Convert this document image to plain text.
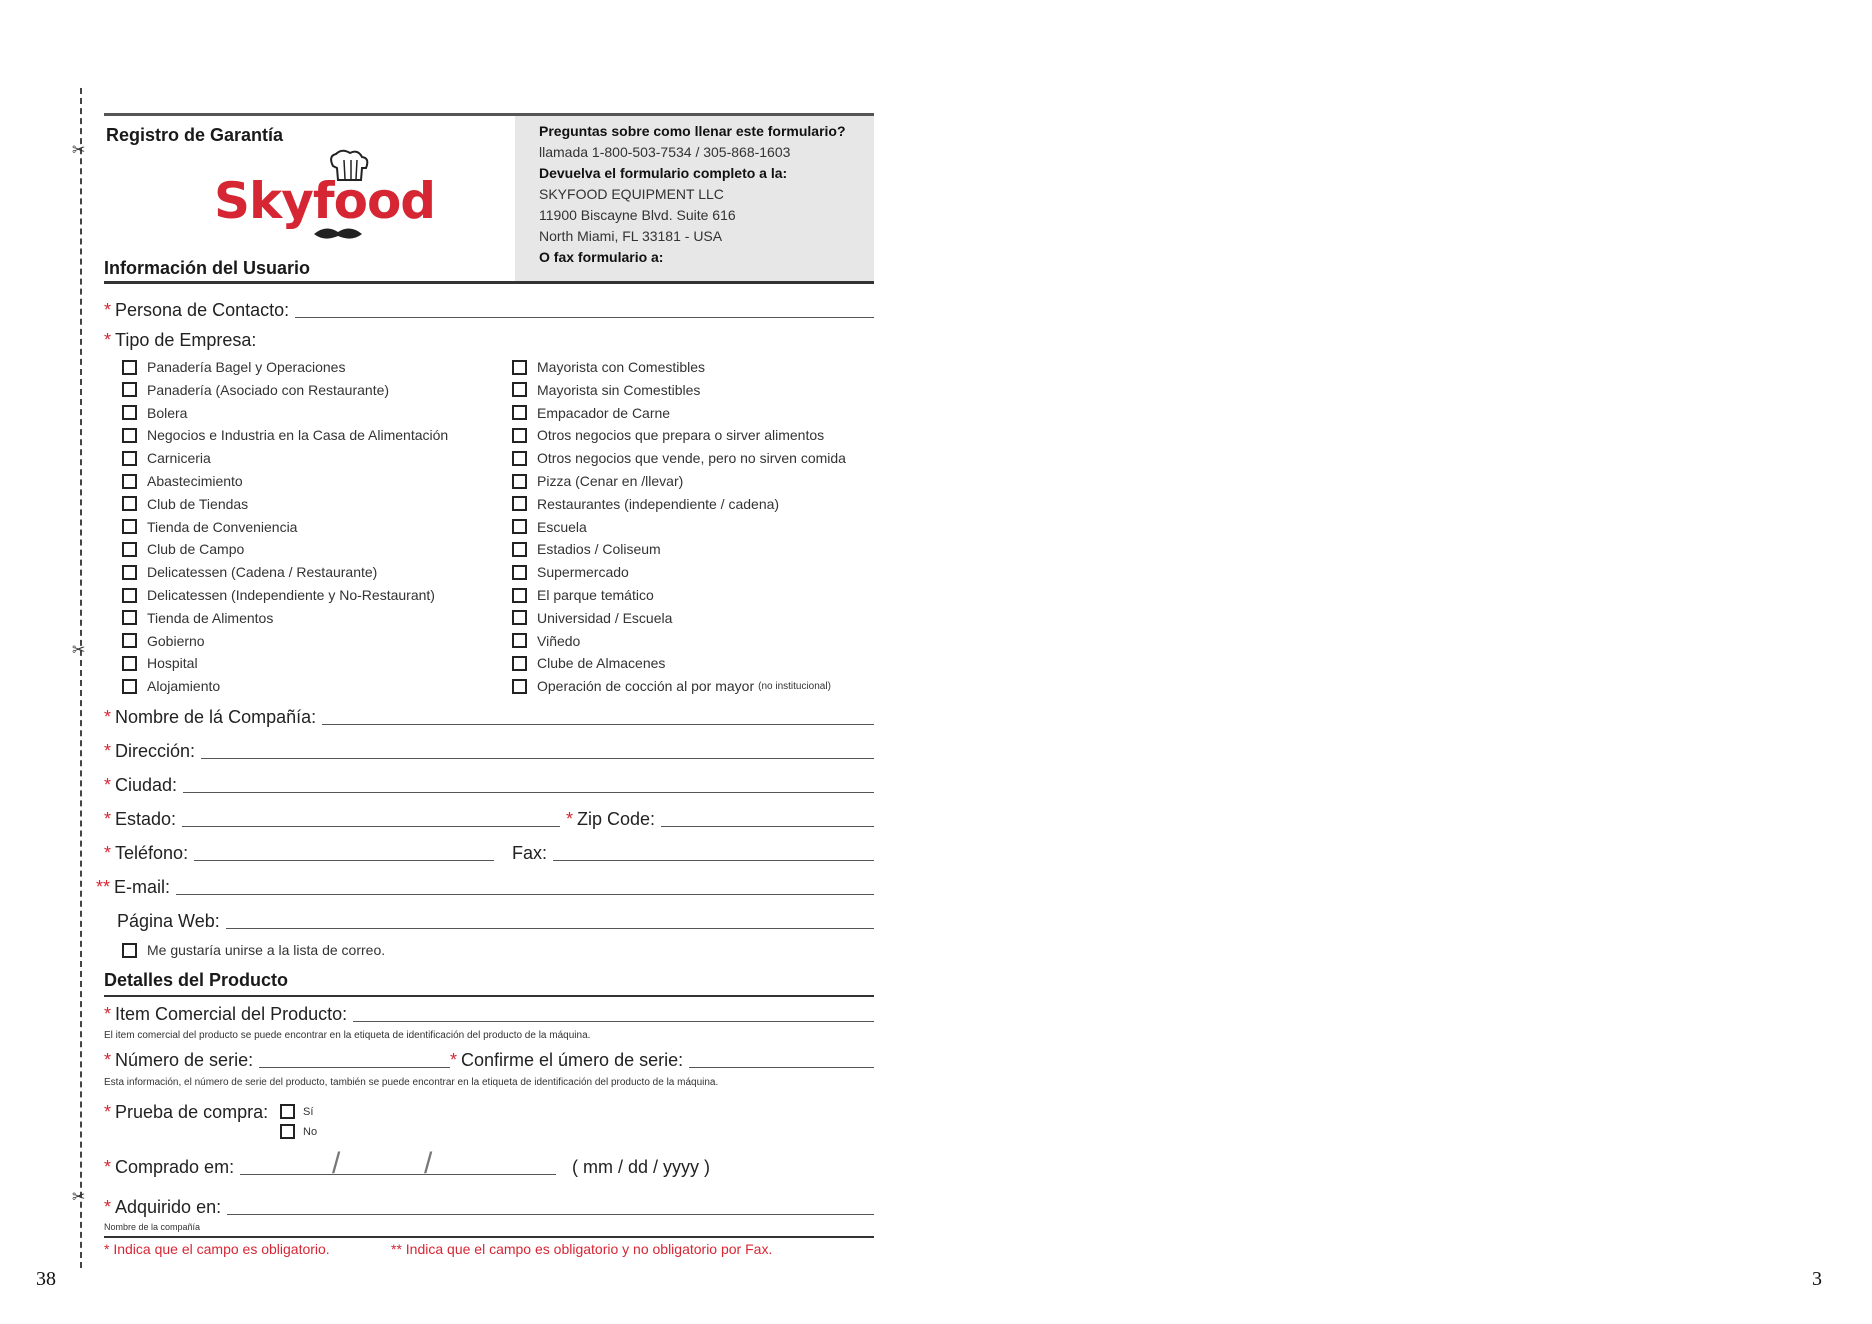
✂
✂
✂
38	3
Registro de Garantía
Skyfood
Información del Usuario
Preguntas sobre como llenar este formulario?
llamada 1-800-503-7534 / 305-868-1603
Devuelva el formulario completo a la:
SKYFOOD EQUIPMENT LLC
11900 Biscayne Blvd. Suite 616
North Miami, FL 33181 - USA
O fax formulario a:
* Persona de Contacto:
* Tipo de Empresa:
Panadería Bagel y Operaciones
Panadería (Asociado con Restaurante)
Bolera
Negocios e Industria en la Casa de Alimentación
Carniceria
Abastecimiento
Club de Tiendas
Tienda de Conveniencia
Club de Campo
Delicatessen (Cadena / Restaurante)
Delicatessen (Independiente y No-Restaurant)
Tienda de Alimentos
Gobierno
Hospital
Alojamiento
Mayorista con Comestibles
Mayorista sin Comestibles
Empacador de Carne
Otros negocios que prepara o sirver alimentos
Otros negocios que vende, pero no sirven comida
Pizza (Cenar en /llevar)
Restaurantes (independiente / cadena)
Escuela
Estadios / Coliseum
Supermercado
El parque temático
Universidad / Escuela
Viñedo
Clube de Almacenes
Operación de cocción al por mayor (no institucional)
* Nombre de lá Compañía:
* Dirección:
* Ciudad:
* Estado:	* Zip Code:
* Teléfono:	Fax:
** E-mail:
Página Web:
Me gustaría unirse a la lista de correo.
Detalles del Producto
* Item Comercial del Producto:
El item comercial del producto se puede encontrar en la etiqueta de identificación del producto de la máquina.
* Número de serie:	* Confirme el úmero de serie:
Esta información, el número de serie del producto, también se puede encontrar en la etiqueta de identificación del producto de la máquina.
* Prueba de compra:	Sí
No
* Comprado em:	/	/	( mm / dd / yyyy )
* Adquirido en:
Nombre de la compañía
* Indica que el campo es obligatorio.	** Indica que el campo es obligatorio y no obligatorio por Fax.
